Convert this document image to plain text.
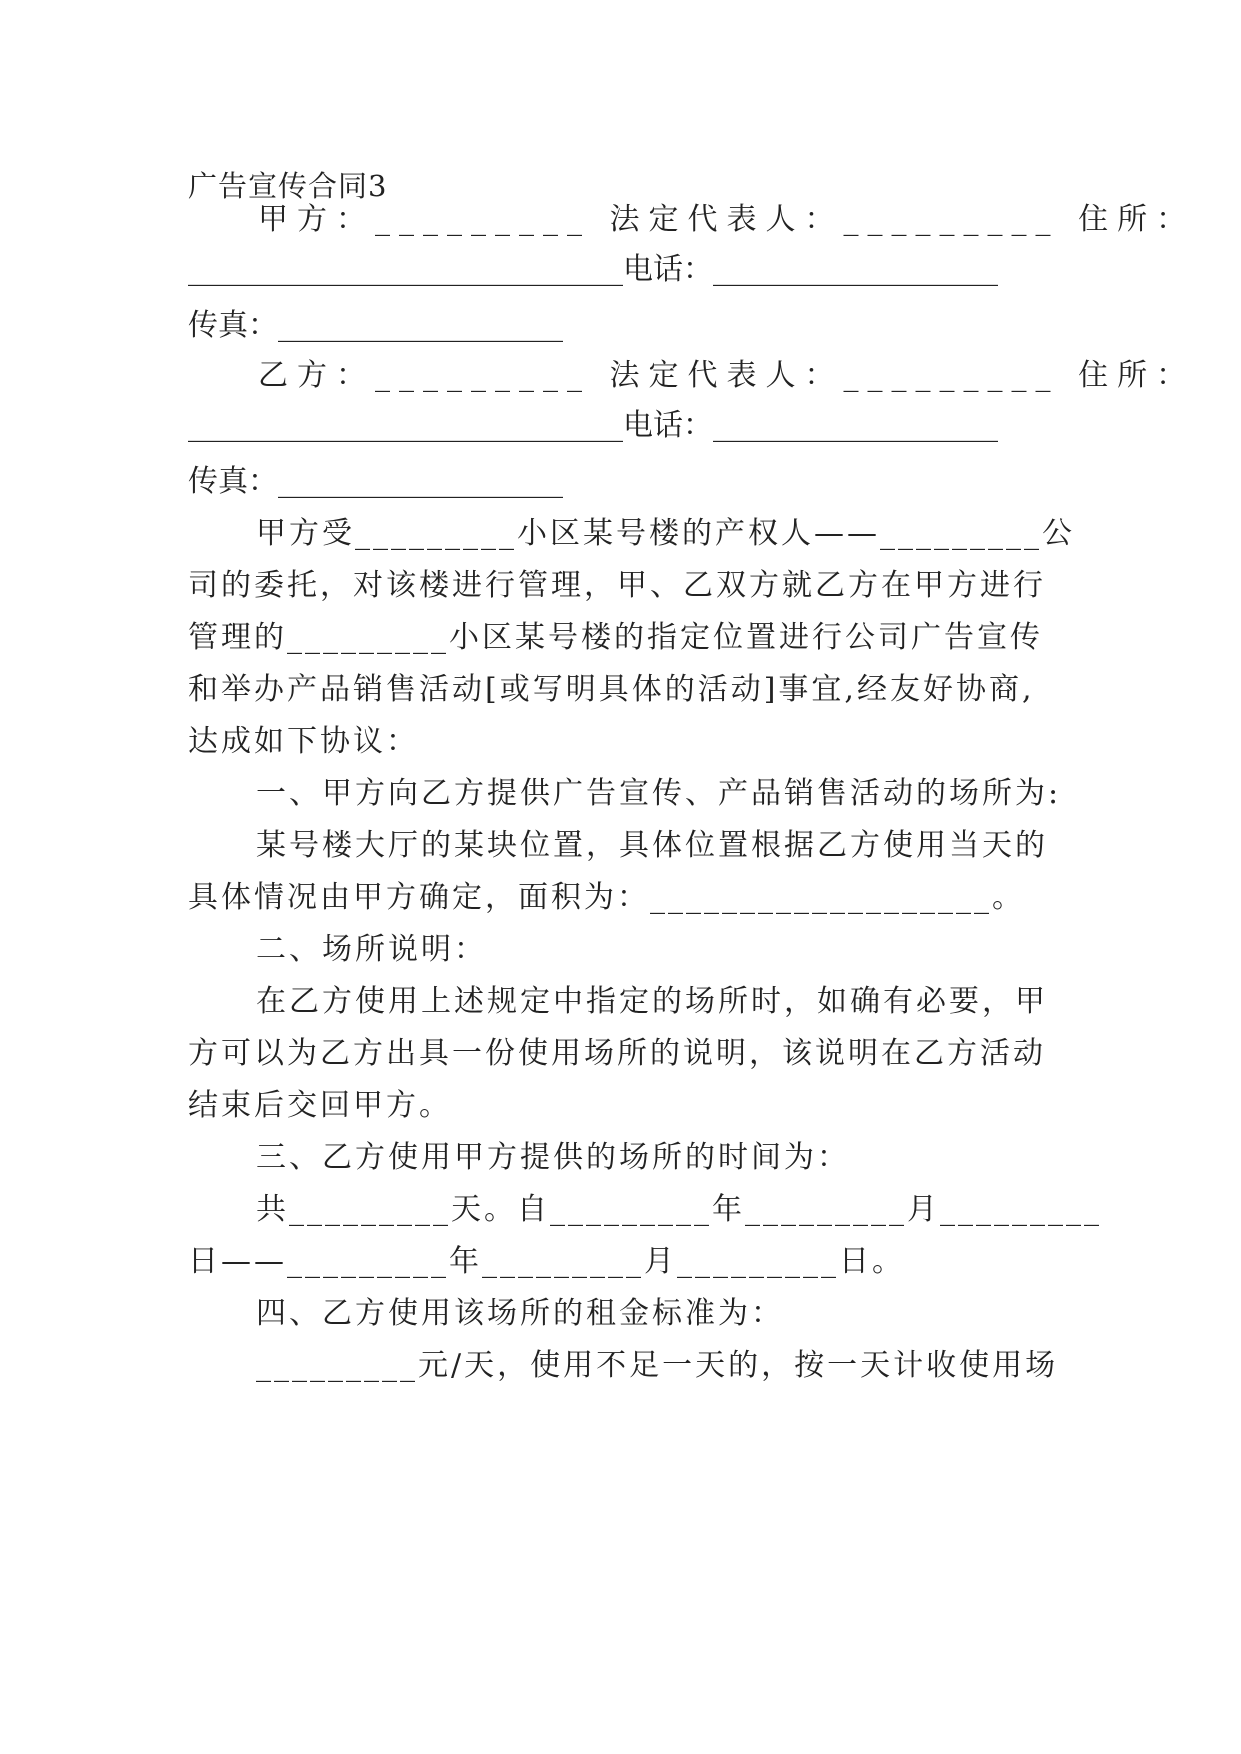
广告宣传合同3
甲方：_________ 法定代表人：_________ 住所：
_____________________________电话：___________________
传真：___________________
乙方：_________ 法定代表人：_________ 住所：
_____________________________电话：___________________
传真：___________________
甲方受_________小区某号楼的产权人——_________公
司的委托，对该楼进行管理，甲、乙双方就乙方在甲方进行
管理的_________小区某号楼的指定位置进行公司广告宣传
和举办产品销售活动[或写明具体的活动]事宜,经友好协商,
达成如下协议：
一、甲方向乙方提供广告宣传、产品销售活动的场所为:
某号楼大厅的某块位置，具体位置根据乙方使用当天的
具体情况由甲方确定，面积为：___________________。
二、场所说明：
在乙方使用上述规定中指定的场所时，如确有必要，甲
方可以为乙方出具一份使用场所的说明，该说明在乙方活动
结束后交回甲方。
三、乙方使用甲方提供的场所的时间为：
共_________天。自_________年_________月_________
日——_________年_________月_________日。
四、乙方使用该场所的租金标准为：
_________元/天，使用不足一天的，按一天计收使用场
